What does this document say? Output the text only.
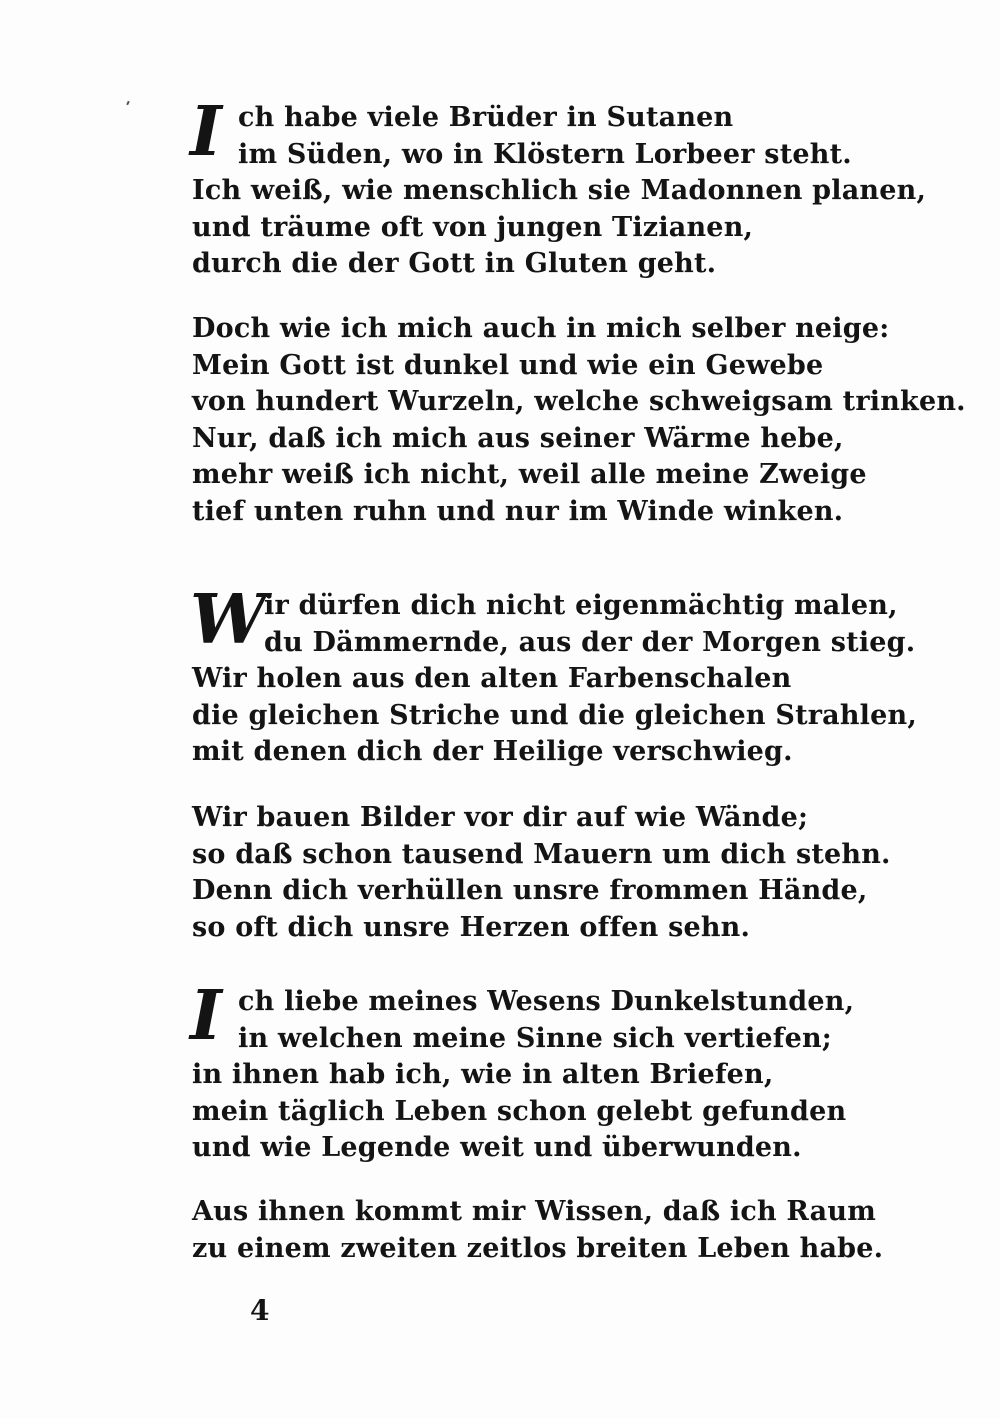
I ch habe viele Brüder in Sutanen
im Süden, wo in Klöstern Lorbeer steht.
Ich weiß, wie menschlich sie Madonnen planen,
und träume oft von jungen Tizianen,
durch die der Gott in Gluten geht.
Doch wie ich mich auch in mich selber neige:
Mein Gott ist dunkel und wie ein Gewebe
von hundert Wurzeln, welche schweigsam trinken.
Nur, daß ich mich aus seiner Wärme hebe,
mehr weiß ich nicht, weil alle meine Zweige
tief unten ruhn und nur im Winde winken.
W
ir dürfen dich nicht eigenmächtig malen,
du Dämmernde, aus der der Morgen stieg.
Wir holen aus den alten Farbenschalen
die gleichen Striche und die gleichen Strahlen,
mit denen dich der Heilige verschwieg.
Wir bauen Bilder vor dir auf wie Wände;
so daß schon tausend Mauern um dich stehn.
Denn dich verhüllen unsre frommen Hände,
so oft dich unsre Herzen offen sehn.
I ch liebe meines Wesens Dunkelstunden,
in welchen meine Sinne sich vertiefen;
in ihnen hab ich, wie in alten Briefen,
mein täglich Leben schon gelebt gefunden
und wie Legende weit und überwunden.
Aus ihnen kommt mir Wissen, daß ich Raum
zu einem zweiten zeitlos breiten Leben habe.
4
